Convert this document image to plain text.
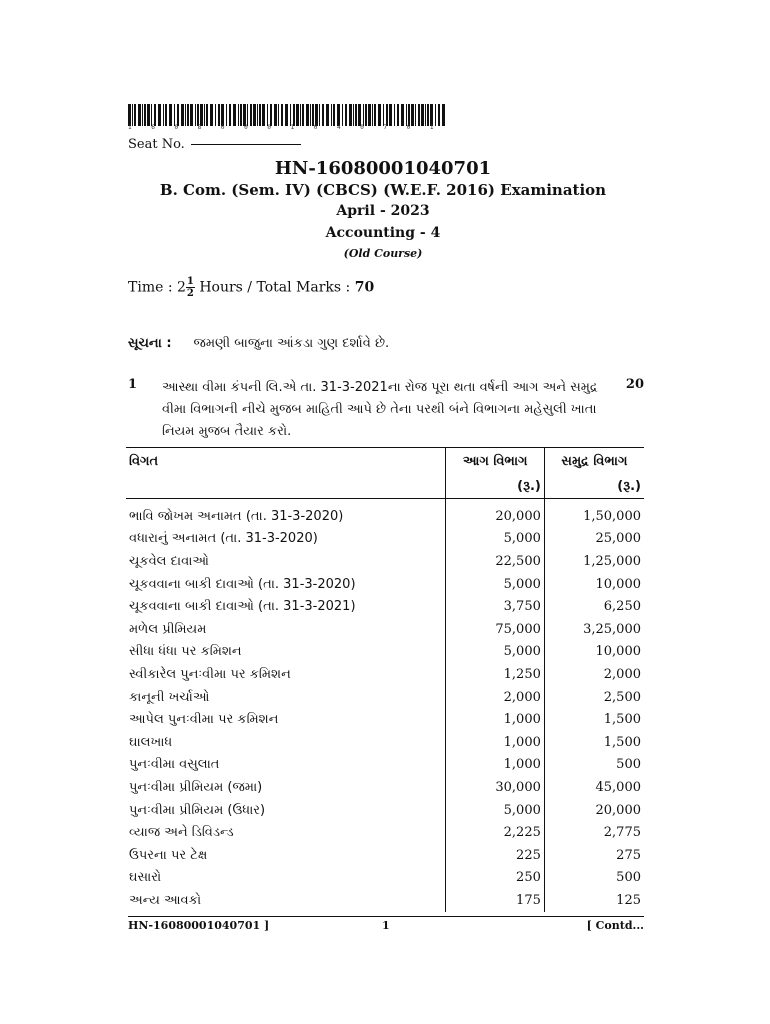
1 6 0 8 0 0 0 1 0 4 0 7 0 1
Seat No.
HN-16080001040701
B. Com. (Sem. IV) (CBCS) (W.E.F. 2016) Examination
April - 2023
Accounting - 4
(Old Course)
Time : $2 \frac{1}{2}$ Hours / Total Marks : 70
સૂચના : જમણી બાજુના આંકડા ગુણ દર્શાવે છે.
1	20
આસ્થા વીમા કંપની લિ.એ તા. 31-3-2021ના રોજ પૂરા થતા વર્ષની આગ અને સમુદ્ર વીમા વિભાગની નીચે મુજબ માહિતી આપે છે તેના પરથી બંને વિભાગના મહેસુલી ખાતા નિયમ મુજબ તૈયાર કરો.
વિગત	આગ વિભાગ	સમુદ્ર વિભાગ
	(રૂ.)	(રૂ.)
ભાવિ જોખમ અનામત (તા. 31-3-2020)	20,000	1,50,000
વધારાનું અનામત (તા. 31-3-2020)	5,000	25,000
ચૂકવેલ દાવાઓ	22,500	1,25,000
ચૂકવવાના બાકી દાવાઓ (તા. 31-3-2020)	5,000	10,000
ચૂકવવાના બાકી દાવાઓ (તા. 31-3-2021)	3,750	6,250
મળેલ પ્રીમિયમ	75,000	3,25,000
સીધા ધંધા પર કમિશન	5,000	10,000
સ્વીકારેલ પુનઃવીમા પર કમિશન	1,250	2,000
કાનૂની ખર્ચાઓ	2,000	2,500
આપેલ પુનઃવીમા પર કમિશન	1,000	1,500
ઘાલખાધ	1,000	1,500
પુનઃવીમા વસુલાત	1,000	500
પુનઃવીમા પ્રીમિયમ (જમા)	30,000	45,000
પુનઃવીમા પ્રીમિયમ (ઉધાર)	5,000	20,000
વ્યાજ અને ડિવિડન્ડ	2,225	2,775
ઉપરના પર ટેક્ષ	225	275
ઘસારો	250	500
અન્ય આવકો	175	125
HN-16080001040701 ]	1	[ Contd...
